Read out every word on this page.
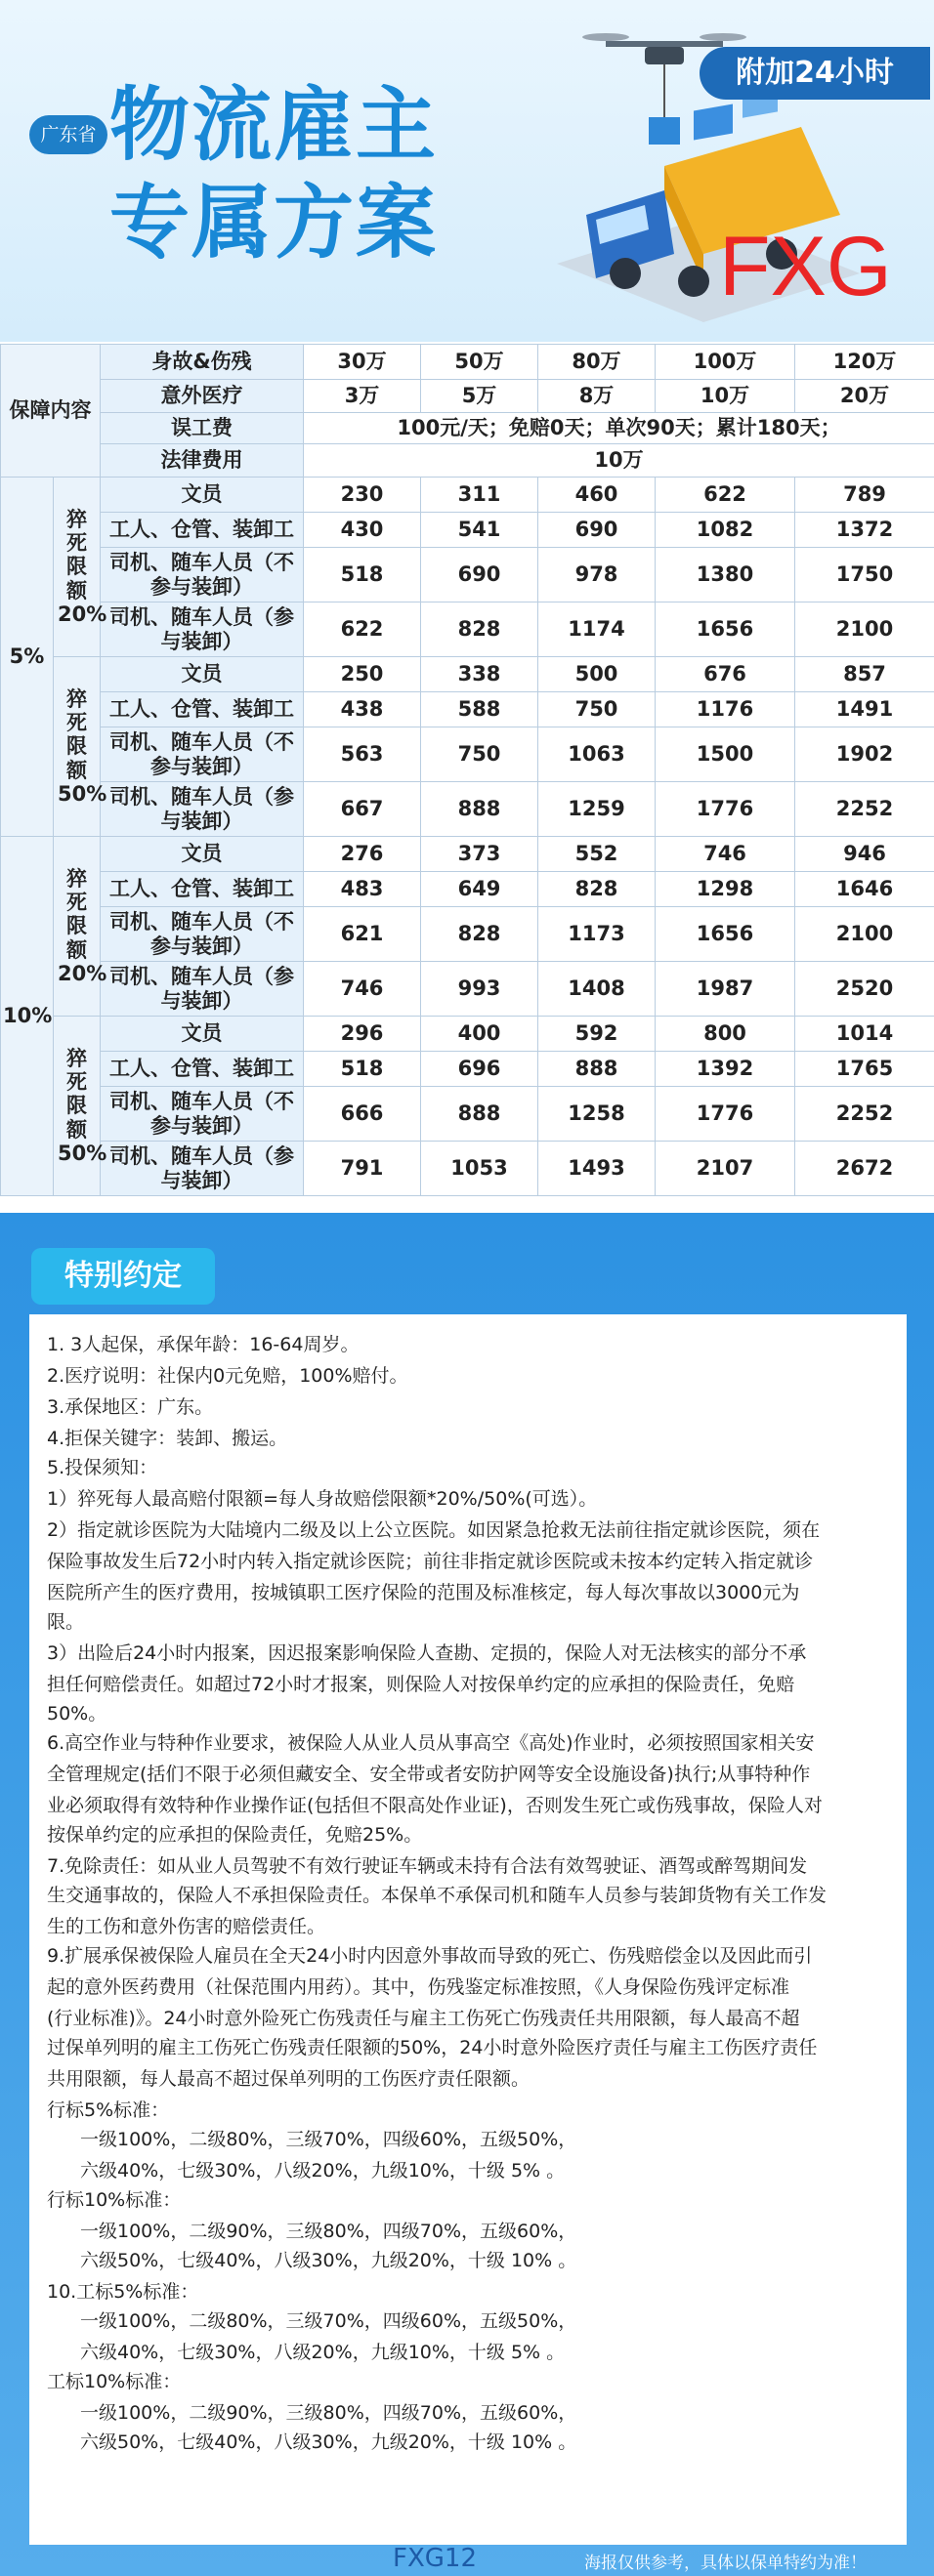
广东省 物流雇主
专属方案
附加24小时
FXG
保障内容		身故&伤残	30万	50万	80万	100万	120万
		意外医疗	3万	5万	8万	10万	20万
		误工费	100元/天；免赔0天；单次90天；累计180天；				
		法律费用	10万				
5%	猝死限额20%	文员	230	311	460	622	789
		工人、仓管、装卸工	430	541	690	1082	1372
		司机、随车人员（不参与装卸）	518	690	978	1380	1750
		司机、随车人员（参与装卸）	622	828	1174	1656	2100
	猝死限额50%	文员	250	338	500	676	857
		工人、仓管、装卸工	438	588	750	1176	1491
		司机、随车人员（不参与装卸）	563	750	1063	1500	1902
		司机、随车人员（参与装卸）	667	888	1259	1776	2252
10%	猝死限额20%	文员	276	373	552	746	946
		工人、仓管、装卸工	483	649	828	1298	1646
		司机、随车人员（不参与装卸）	621	828	1173	1656	2100
		司机、随车人员（参与装卸）	746	993	1408	1987	2520
	猝死限额50%	文员	296	400	592	800	1014
		工人、仓管、装卸工	518	696	888	1392	1765
		司机、随车人员（不参与装卸）	666	888	1258	1776	2252
		司机、随车人员（参与装卸）	791	1053	1493	2107	2672
特别约定
1. 3人起保，承保年龄：16-64周岁。
2.医疗说明：社保内0元免赔，100%赔付。
3.承保地区：广东。
4.拒保关键字：装卸、搬运。
5.投保须知：
1）猝死每人最高赔付限额=每人身故赔偿限额*20%/50%(可选）。
2）指定就诊医院为大陆境内二级及以上公立医院。如因紧急抢救无法前往指定就诊医院，须在
保险事故发生后72小时内转入指定就诊医院；前往非指定就诊医院或未按本约定转入指定就诊
医院所产生的医疗费用，按城镇职工医疗保险的范围及标准核定，每人每次事故以3000元为
限。
3）出险后24小时内报案，因迟报案影响保险人查勘、定损的，保险人对无法核实的部分不承
担任何赔偿责任。如超过72小时才报案，则保险人对按保单约定的应承担的保险责任，免赔
50%。
6.高空作业与特种作业要求，被保险人从业人员从事高空《高处)作业时，必须按照国家相关安
全管理规定(括们不限于必须但藏安全、安全带或者安防护网等安全设施设备)执行;从事特种作
业必须取得有效特种作业操作证(包括但不限高处作业证)，否则发生死亡或伤残事故，保险人对
按保单约定的应承担的保险责任，免赔25%。
7.免除责任：如从业人员驾驶不有效行驶证车辆或未持有合法有效驾驶证、酒驾或醉驾期间发
生交通事故的，保险人不承担保险责任。本保单不承保司机和随车人员参与装卸货物有关工作发
生的工伤和意外伤害的赔偿责任。
9.扩展承保被保险人雇员在全天24小时内因意外事故而导致的死亡、伤残赔偿金以及因此而引
起的意外医药费用（社保范围内用药）。其中，伤残鉴定标准按照，《人身保险伤残评定标准
(行业标准)》。24小时意外险死亡伤残责任与雇主工伤死亡伤残责任共用限额，每人最高不超
过保单列明的雇主工伤死亡伤残责任限额的50%，24小时意外险医疗责任与雇主工伤医疗责任
共用限额，每人最高不超过保单列明的工伤医疗责任限额。
行标5%标准：
一级100%，二级80%，三级70%，四级60%，五级50%，
六级40%，七级30%，八级20%，九级10%，十级 5% 。
行标10%标准：
一级100%，二级90%，三级80%，四级70%，五级60%，
六级50%，七级40%，八级30%，九级20%，十级 10% 。
10.工标5%标准：
一级100%，二级80%，三级70%，四级60%，五级50%，
六级40%，七级30%，八级20%，九级10%，十级 5% 。
工标10%标准：
一级100%，二级90%，三级80%，四级70%，五级60%，
六级50%，七级40%，八级30%，九级20%，十级 10% 。
FXG12	海报仅供参考，具体以保单特约为准！
